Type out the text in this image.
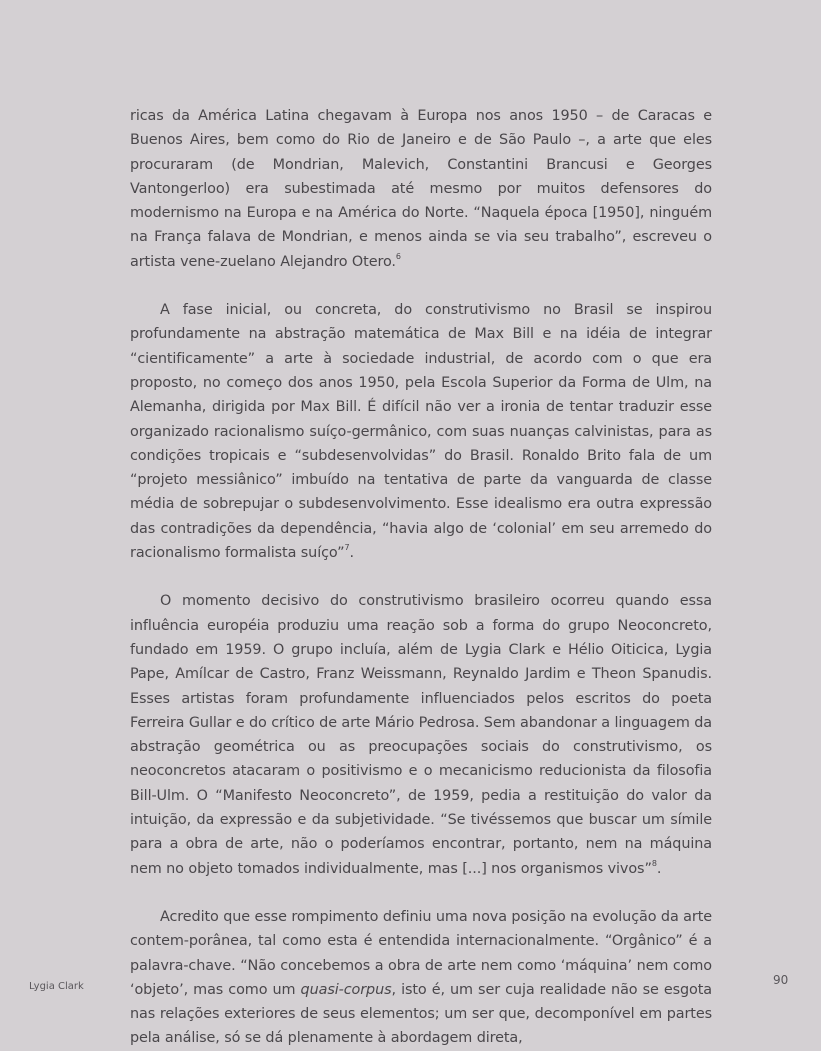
ricas da América Latina chegavam à Europa nos anos 1950 – de Caracas e Buenos Aires, bem como do Rio de Janeiro e de São Paulo –, a arte que eles procuraram (de Mondrian, Malevich, Constantini Brancusi e Georges Vantongerloo) era subestimada até mesmo por muitos defensores do modernismo na Europa e na América do Norte. “Naquela época [1950], ninguém na França falava de Mondrian, e menos ainda se via seu trabalho”, escreveu o artista vene-zuelano Alejandro Otero.$^6$

A fase inicial, ou concreta, do construtivismo no Brasil se inspirou profundamente na abstração matemática de Max Bill e na idéia de integrar “cientificamente” a arte à sociedade industrial, de acordo com o que era proposto, no começo dos anos 1950, pela Escola Superior da Forma de Ulm, na Alemanha, dirigida por Max Bill. É difícil não ver a ironia de tentar traduzir esse organizado racionalismo suíço-germânico, com suas nuanças calvinistas, para as condições tropicais e “subdesenvolvidas” do Brasil. Ronaldo Brito fala de um “projeto messiânico” imbuído na tentativa de parte da vanguarda de classe média de sobrepujar o subdesenvolvimento. Esse idealismo era outra expressão das contradições da dependência, “havia algo de ‘colonial’ em seu arremedo do racionalismo formalista suíço”$^7$.

O momento decisivo do construtivismo brasileiro ocorreu quando essa influência européia produziu uma reação sob a forma do grupo Neoconcreto, fundado em 1959. O grupo incluía, além de Lygia Clark e Hélio Oiticica, Lygia Pape, Amílcar de Castro, Franz Weissmann, Reynaldo Jardim e Theon Spanudis. Esses artistas foram profundamente influenciados pelos escritos do poeta Ferreira Gullar e do crítico de arte Mário Pedrosa. Sem abandonar a linguagem da abstração geométrica ou as preocupações sociais do construtivismo, os neoconcretos atacaram o positivismo e o mecanicismo reducionista da filosofia Bill-Ulm. O “Manifesto Neoconcreto”, de 1959, pedia a restituição do valor da intuição, da expressão e da subjetividade. “Se tivéssemos que buscar um símile para a obra de arte, não o poderíamos encontrar, portanto, nem na máquina nem no objeto tomados individualmente, mas [...] nos organismos vivos”$^8$.

Acredito que esse rompimento definiu uma nova posição na evolução da arte contem-porânea, tal como esta é entendida internacionalmente. “Orgânico” é a palavra-chave. “Não concebemos a obra de arte nem como ‘máquina’ nem como ‘objeto’, mas como um quasi-corpus, isto é, um ser cuja realidade não se esgota nas relações exteriores de seus elementos; um ser que, decomponível em partes pela análise, só se dá plenamente à abordagem direta,

Lygia Clark	90
